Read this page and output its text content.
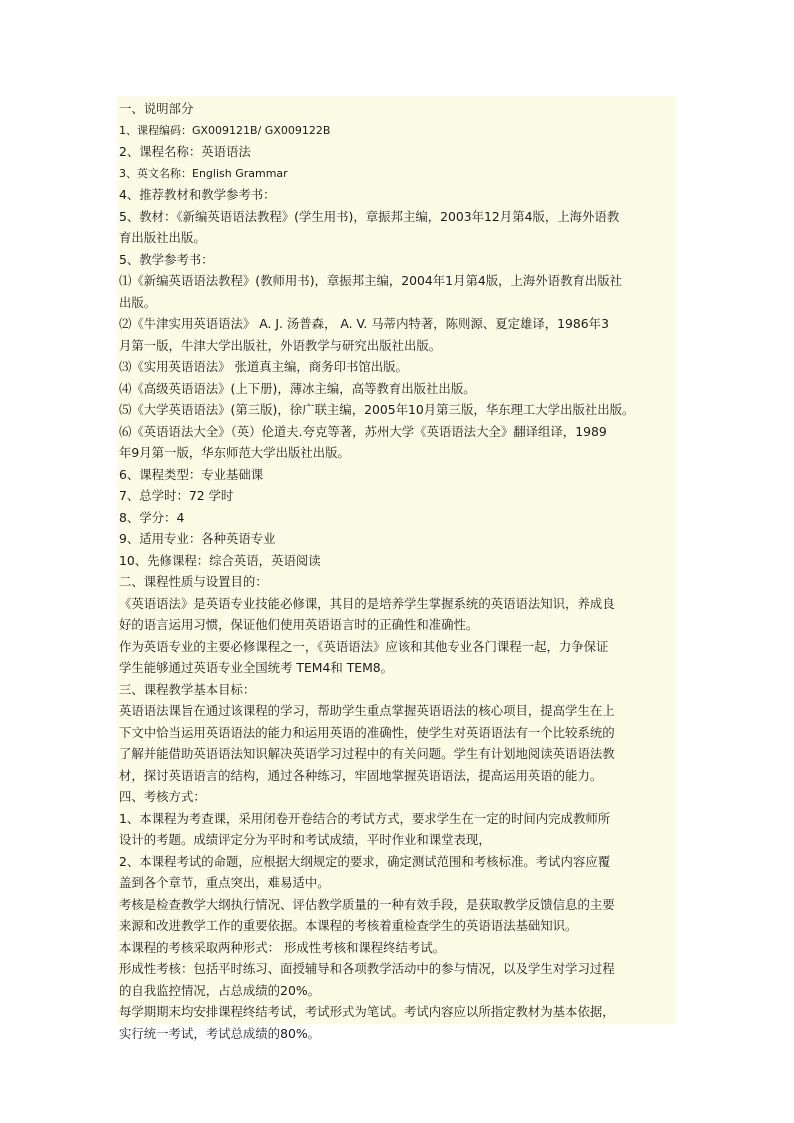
一、说明部分
1、课程编码：GX009121B/ GX009122B
2、课程名称：英语语法
3、英文名称：English Grammar
4、推荐教材和教学参考书：
5、教材：《新编英语语法教程》(学生用书)，章振邦主编，2003年12月第4版，上海外语教
育出版社出版。
5、教学参考书：
⑴《新编英语语法教程》(教师用书)，章振邦主编，2004年1月第4版，上海外语教育出版社
出版。
⑵《牛津实用英语语法》 A. J. 汤普森， A. V. 马蒂内特著，陈则源、夏定雄译，1986年3
月第一版，牛津大学出版社，外语教学与研究出版社出版。
⑶《实用英语语法》 张道真主编，商务印书馆出版。
⑷《高级英语语法》(上下册)，薄冰主编，高等教育出版社出版。
⑸《大学英语语法》(第三版)，徐广联主编，2005年10月第三版，华东理工大学出版社出版。
⑹《英语语法大全》（英）伦道夫.夸克等著，苏州大学《英语语法大全》翻译组译，1989
年9月第一版，华东师范大学出版社出版。
6、课程类型：专业基础课
7、总学时：72 学时
8、学分：4
9、适用专业：各种英语专业
10、先修课程：综合英语，英语阅读
二、课程性质与设置目的：
《英语语法》是英语专业技能必修课，其目的是培养学生掌握系统的英语语法知识，养成良
好的语言运用习惯，保证他们使用英语语言时的正确性和准确性。
作为英语专业的主要必修课程之一，《英语语法》应该和其他专业各门课程一起，力争保证
学生能够通过英语专业全国统考 TEM4和 TEM8。
三、课程教学基本目标：
英语语法课旨在通过该课程的学习，帮助学生重点掌握英语语法的核心项目，提高学生在上
下文中恰当运用英语语法的能力和运用英语的准确性，使学生对英语语法有一个比较系统的
了解并能借助英语语法知识解决英语学习过程中的有关问题。学生有计划地阅读英语语法教
材，探讨英语语言的结构，通过各种练习，牢固地掌握英语语法，提高运用英语的能力。
四、考核方式：
1、本课程为考查课，采用闭卷开卷结合的考试方式，要求学生在一定的时间内完成教师所
设计的考题。成绩评定分为平时和考试成绩，平时作业和课堂表现，
2、本课程考试的命题，应根据大纲规定的要求，确定测试范围和考核标准。考试内容应覆
盖到各个章节，重点突出，难易适中。
考核是检查教学大纲执行情况、评估教学质量的一种有效手段，是获取教学反馈信息的主要
来源和改进教学工作的重要依据。本课程的考核着重检查学生的英语语法基础知识。
本课程的考核采取两种形式： 形成性考核和课程终结考试。
形成性考核：包括平时练习、面授辅导和各项教学活动中的参与情况，以及学生对学习过程
的自我监控情况，占总成绩的20%。
每学期期末均安排课程终结考试，考试形式为笔试。考试内容应以所指定教材为基本依据，
实行统一考试，考试总成绩的80%。
